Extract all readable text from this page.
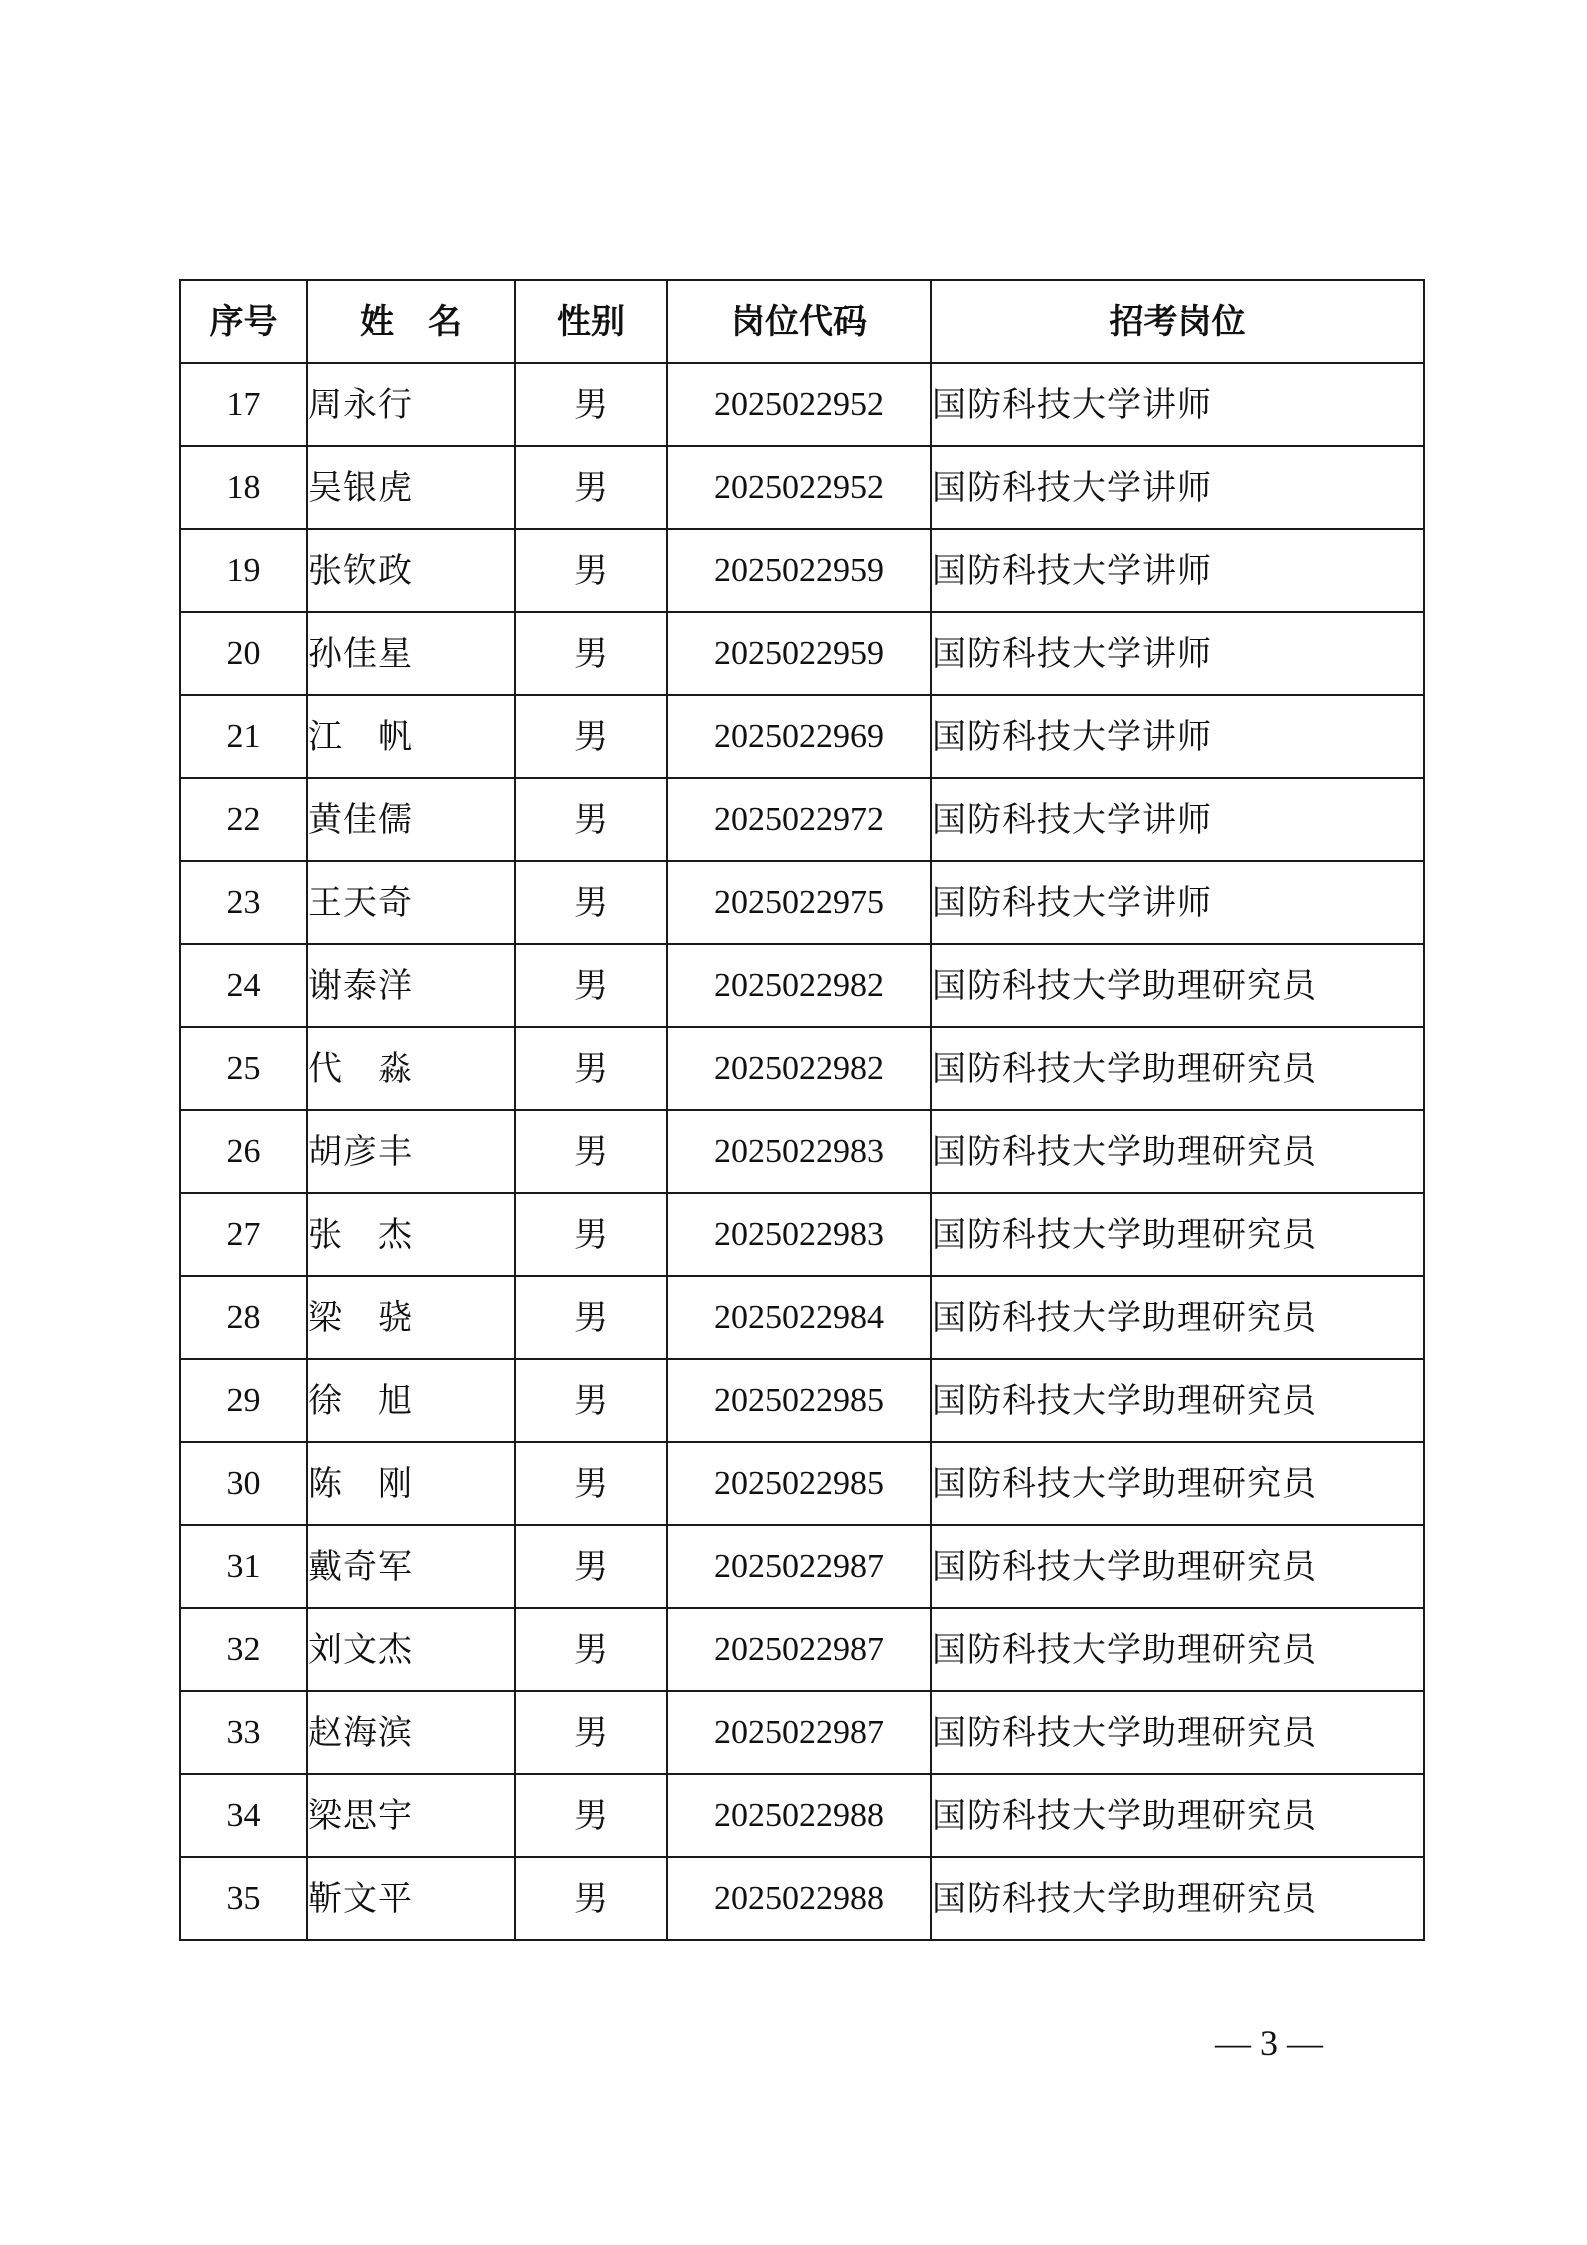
序号	姓　名	性别	岗位代码	招考岗位
17	周永行	男	2025022952	国防科技大学讲师
18	吴银虎	男	2025022952	国防科技大学讲师
19	张钦政	男	2025022959	国防科技大学讲师
20	孙佳星	男	2025022959	国防科技大学讲师
21	江　帆	男	2025022969	国防科技大学讲师
22	黄佳儒	男	2025022972	国防科技大学讲师
23	王天奇	男	2025022975	国防科技大学讲师
24	谢泰洋	男	2025022982	国防科技大学助理研究员
25	代　淼	男	2025022982	国防科技大学助理研究员
26	胡彦丰	男	2025022983	国防科技大学助理研究员
27	张　杰	男	2025022983	国防科技大学助理研究员
28	梁　骁	男	2025022984	国防科技大学助理研究员
29	徐　旭	男	2025022985	国防科技大学助理研究员
30	陈　刚	男	2025022985	国防科技大学助理研究员
31	戴奇军	男	2025022987	国防科技大学助理研究员
32	刘文杰	男	2025022987	国防科技大学助理研究员
33	赵海滨	男	2025022987	国防科技大学助理研究员
34	梁思宇	男	2025022988	国防科技大学助理研究员
35	靳文平	男	2025022988	国防科技大学助理研究员
— 3 —
